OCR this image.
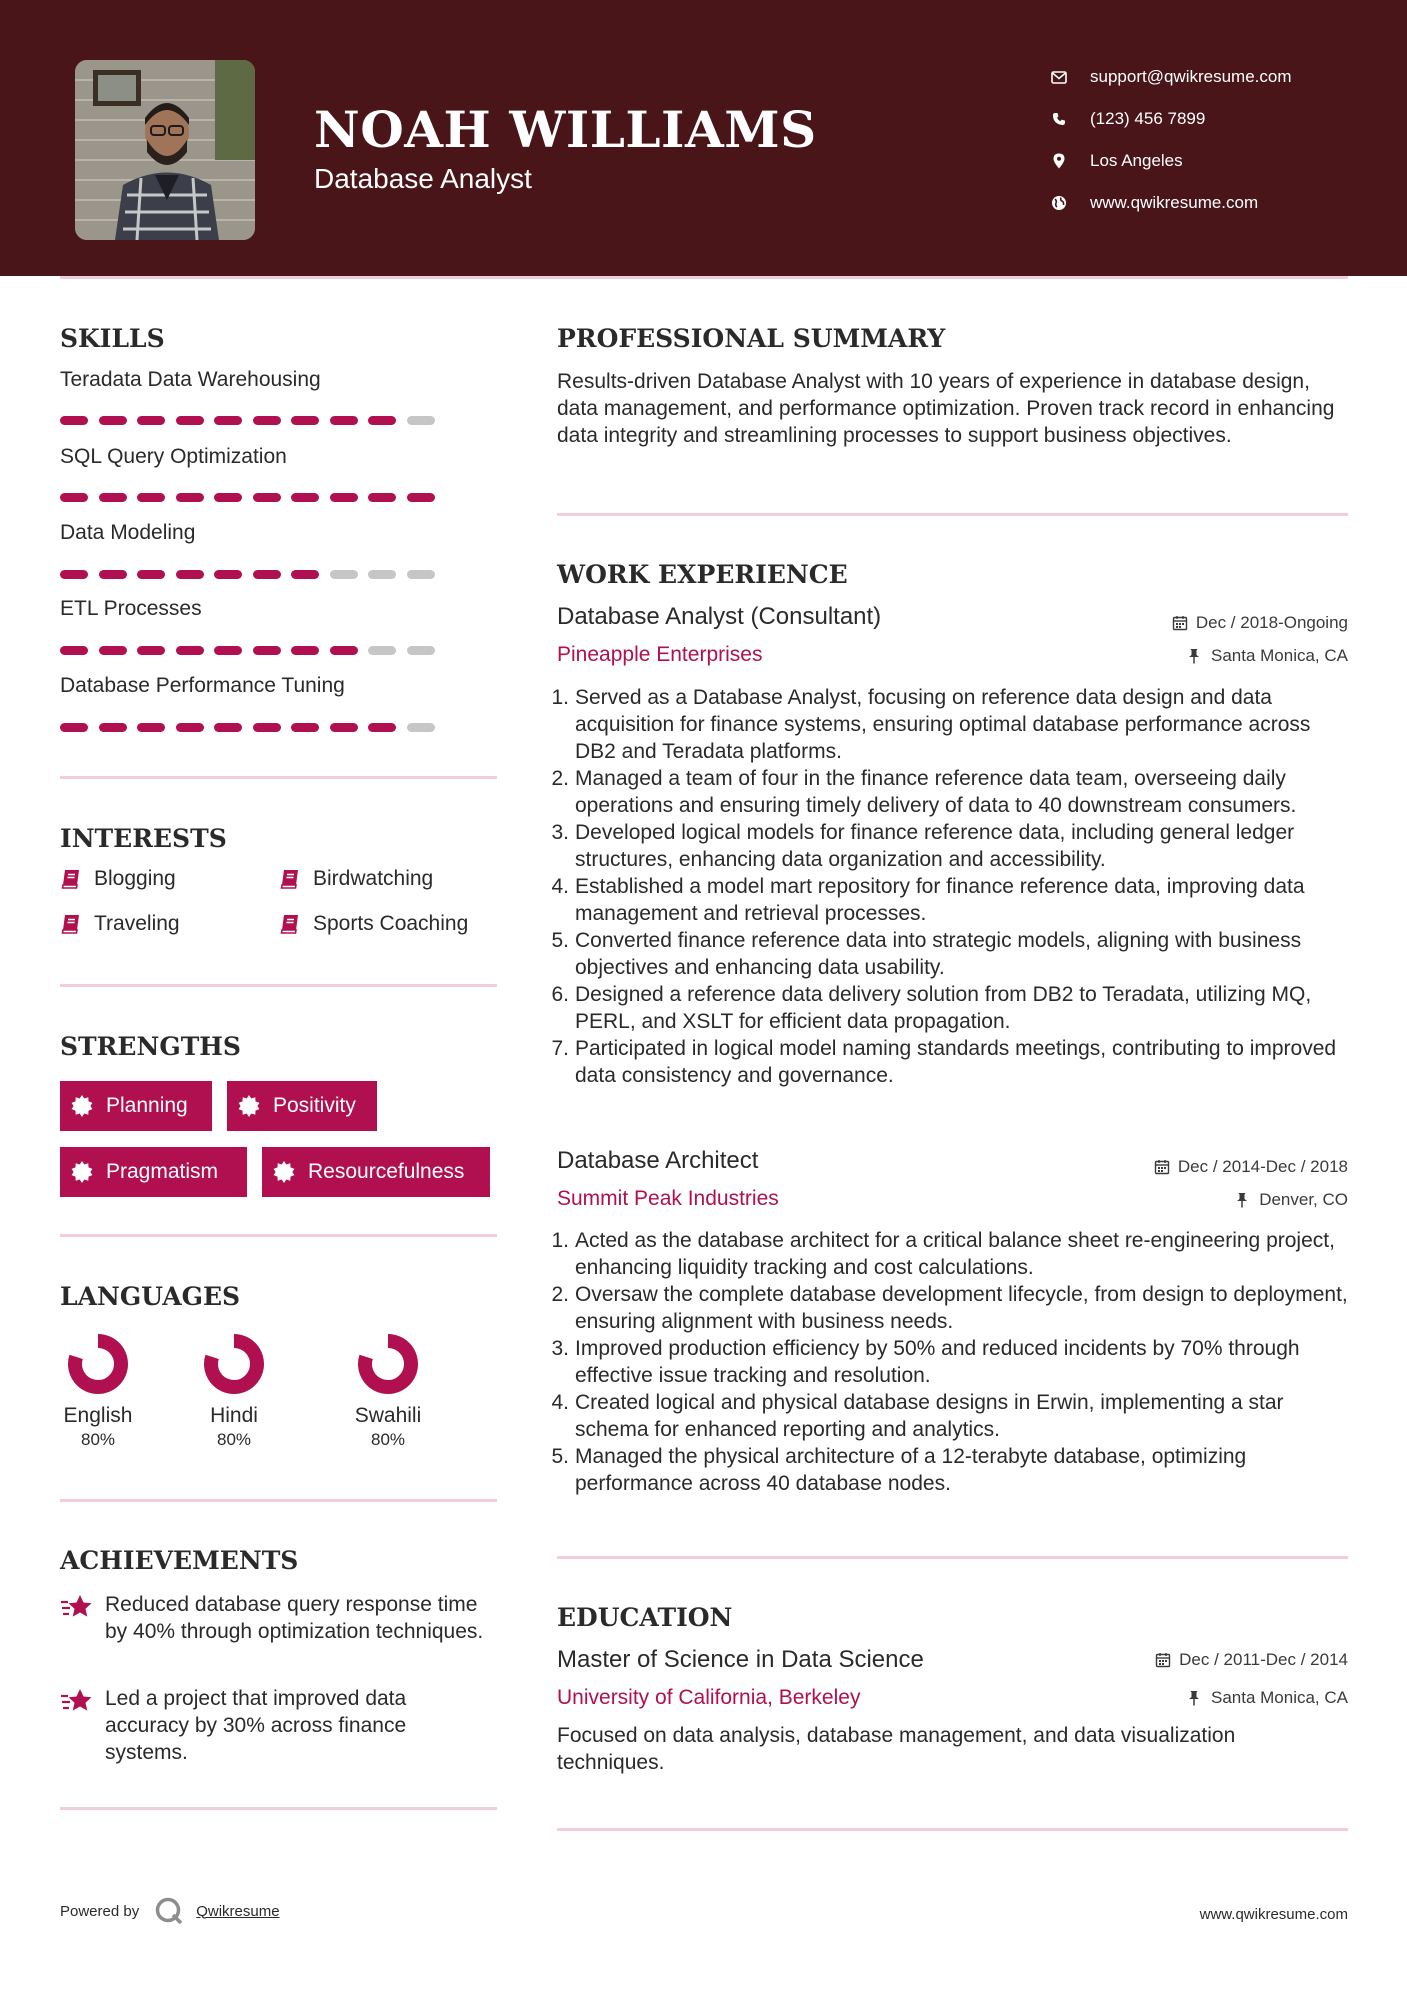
NOAH WILLIAMS
Database Analyst
support@qwikresume.com
(123) 456 7899
Los Angeles
www.qwikresume.com
SKILLS
Teradata Data Warehousing
SQL Query Optimization
Data Modeling
ETL Processes
Database Performance Tuning
INTERESTS
Blogging	Birdwatching
Traveling	Sports Coaching
STRENGTHS
Planning	Positivity
Pragmatism	Resourcefulness
LANGUAGES
English
80%
Hindi
80%
Swahili
80%
ACHIEVEMENTS
Reduced database query response time by 40% through optimization techniques.
Led a project that improved data accuracy by 30% across finance systems.
PROFESSIONAL SUMMARY
Results-driven Database Analyst with 10 years of experience in database design, data management, and performance optimization. Proven track record in enhancing data integrity and streamlining processes to support business objectives.
WORK EXPERIENCE
Database Analyst (Consultant)	Dec / 2018-Ongoing
Pineapple Enterprises	Santa Monica, CA
1. Served as a Database Analyst, focusing on reference data design and data acquisition for finance systems, ensuring optimal database performance across DB2 and Teradata platforms.
2. Managed a team of four in the finance reference data team, overseeing daily operations and ensuring timely delivery of data to 40 downstream consumers.
3. Developed logical models for finance reference data, including general ledger structures, enhancing data organization and accessibility.
4. Established a model mart repository for finance reference data, improving data management and retrieval processes.
5. Converted finance reference data into strategic models, aligning with business objectives and enhancing data usability.
6. Designed a reference data delivery solution from DB2 to Teradata, utilizing MQ, PERL, and XSLT for efficient data propagation.
7. Participated in logical model naming standards meetings, contributing to improved data consistency and governance.
Database Architect	Dec / 2014-Dec / 2018
Summit Peak Industries	Denver, CO
1. Acted as the database architect for a critical balance sheet re-engineering project, enhancing liquidity tracking and cost calculations.
2. Oversaw the complete database development lifecycle, from design to deployment, ensuring alignment with business needs.
3. Improved production efficiency by 50% and reduced incidents by 70% through effective issue tracking and resolution.
4. Created logical and physical database designs in Erwin, implementing a star schema for enhanced reporting and analytics.
5. Managed the physical architecture of a 12-terabyte database, optimizing performance across 40 database nodes.
EDUCATION
Master of Science in Data Science	Dec / 2011-Dec / 2014
University of California, Berkeley	Santa Monica, CA
Focused on data analysis, database management, and data visualization techniques.
Powered by	Qwikresume	www.qwikresume.com
